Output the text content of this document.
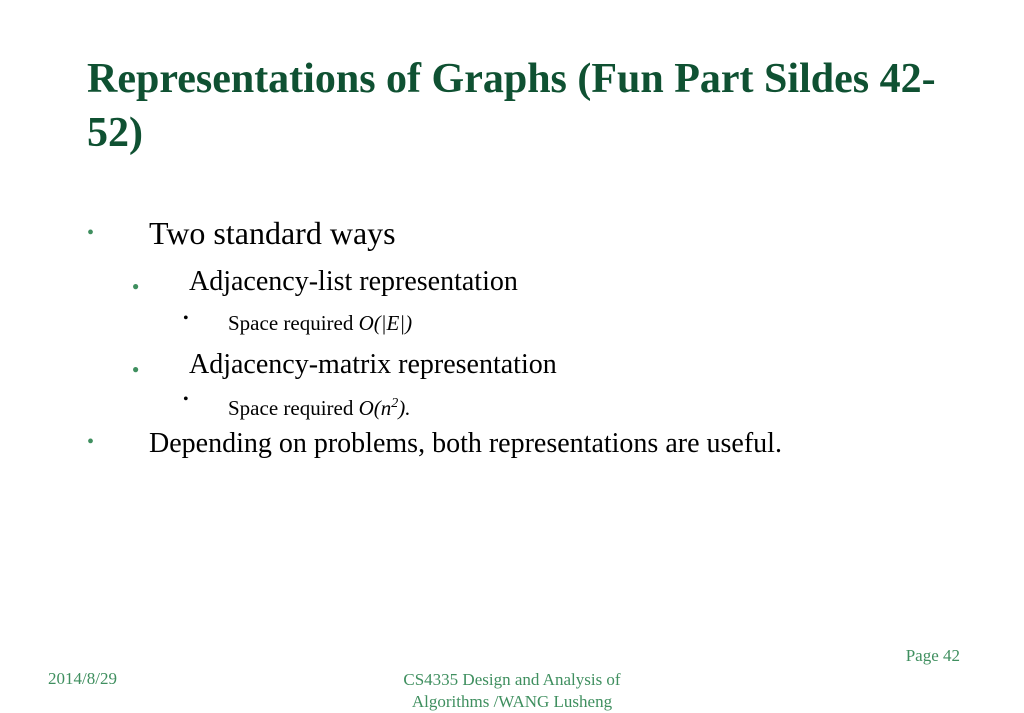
Representations of Graphs (Fun Part Sildes 42-52)
• Two standard ways
● Adjacency-list representation
• Space required O(|E|)
● Adjacency-matrix representation
• Space required $O(n^2)$.
• Depending on problems, both representations are useful.
Page 42
2014/8/29	CS4335 Design and Analysis of
Algorithms /WANG Lusheng
